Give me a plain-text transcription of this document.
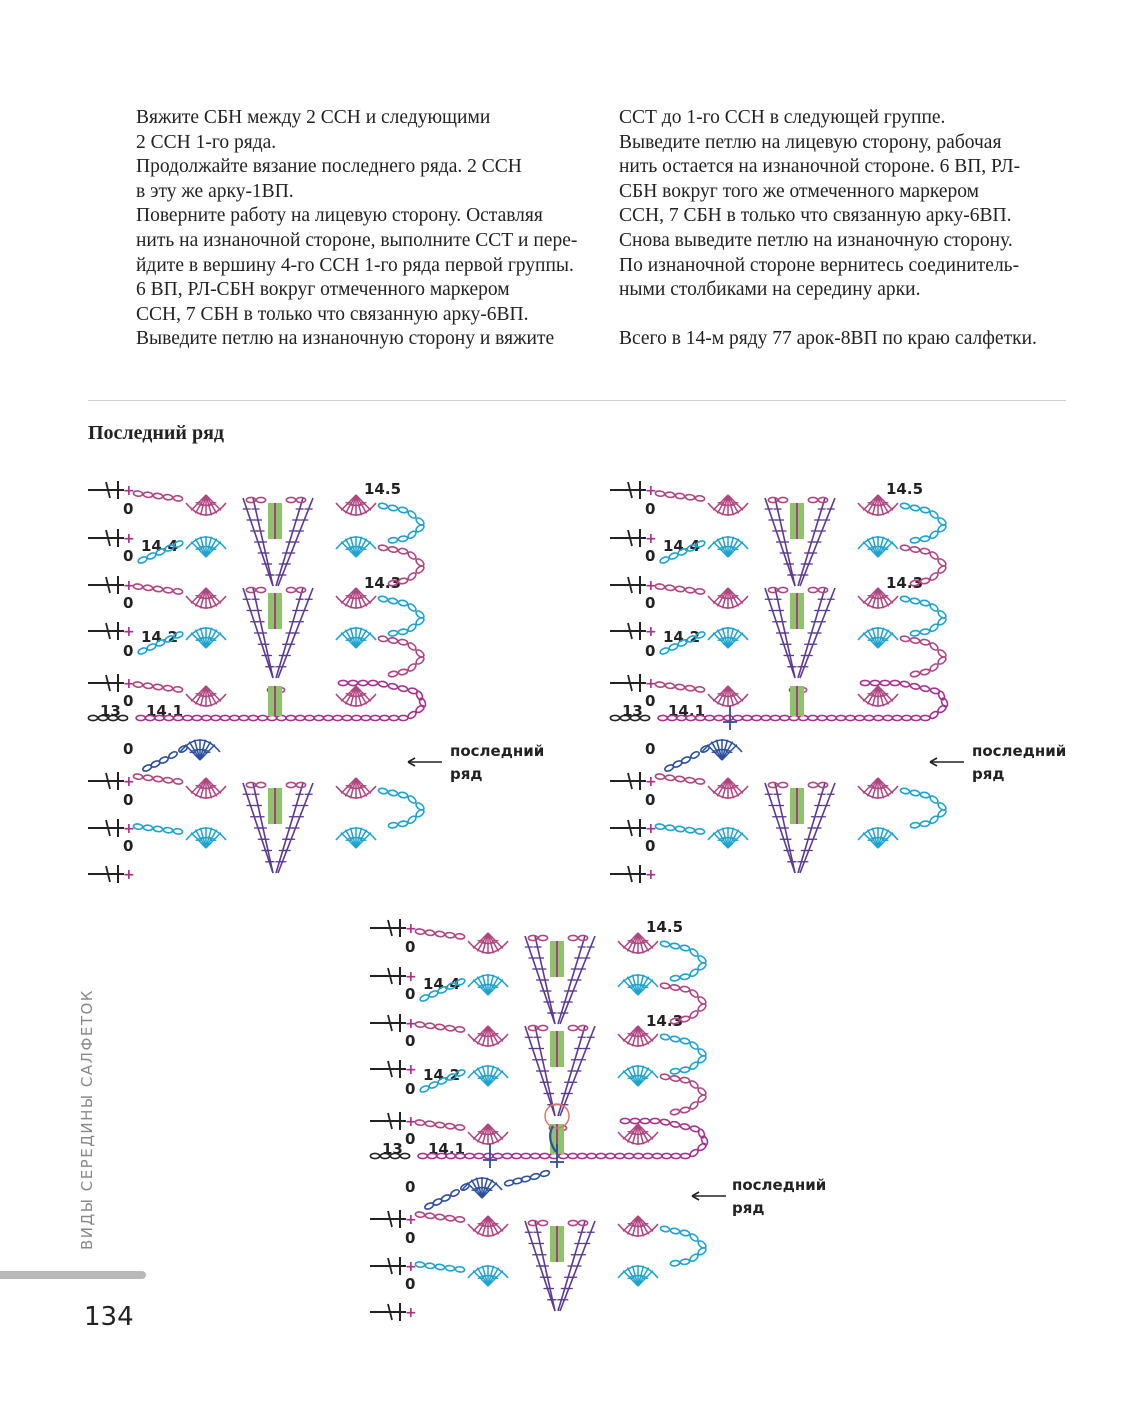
Вяжите СБН между 2 ССН и следующими

2 ССН 1-го ряда.

Продолжайте вязание последнего ряда. 2 ССН

в эту же арку-1ВП.

Поверните работу на лицевую сторону. Оставляя

нить на изнаночной стороне, выполните ССТ и пере-

йдите в вершину 4-го ССН 1-го ряда первой группы.

6 ВП, РЛ-СБН вокруг отмеченного маркером

ССН, 7 СБН в только что связанную арку-6ВП.

Выведите петлю на изнаночную сторону и вяжите

ССТ до 1-го ССН в следующей группе.

Выведите петлю на лицевую сторону, рабочая

нить остается на изнаночной стороне. 6 ВП, РЛ-

СБН вокруг того же отмеченного маркером

ССН, 7 СБН в только что связанную арку-6ВП.

Снова выведите петлю на изнаночную сторону.

По изнаночной стороне вернитесь соединитель-

ными столбиками на середину арки.

Всего в 14-м ряду 77 арок-8ВП по краю салфетки.

Последний ряд
+
+
+
+
+
0
0
0
0
0
+
+
+
0
0
0
14.4
14.2
13 14.1
14.5
14.3
последний
ряд
+
+
+
+
+
0
0
0
0
0
+
+
+
0
0
0
14.4
14.2
13 14.1
14.5
14.3
последний
ряд
+
+
+
+
+
0
0
0
0
0
+
+
+
0
0
0
14.4
14.2
13 14.1
14.5
14.3
последний
ряд
ВИДЫ СЕРЕДИНЫ САЛФЕТОК
134
